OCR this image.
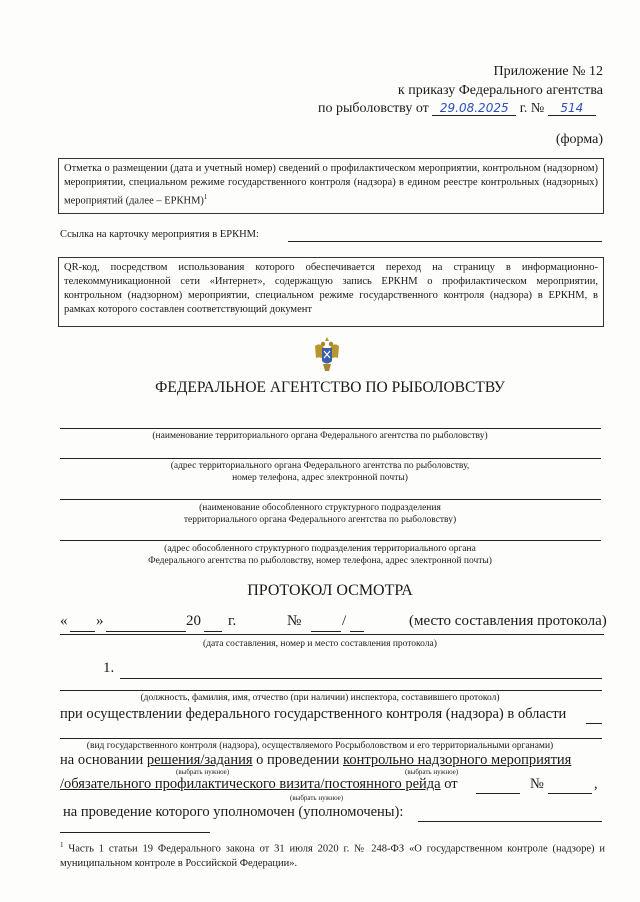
Приложение № 12
к приказу Федерального агентства
по рыболовству от 29.08.2025 г. № 514
(форма)
Отметка о размещении (дата и учетный номер) сведений о профилактическом мероприятии, контрольном (надзорном) мероприятии, специальном режиме государственного контроля (надзора) в едином реестре контрольных (надзорных) мероприятий (далее – ЕРКНМ)$^1$
Ссылка на карточку мероприятия в ЕРКНМ:
QR-код, посредством использования которого обеспечивается переход на страницу в информационно-телекоммуникационной сети «Интернет», содержащую запись ЕРКНМ о профилактическом мероприятии, контрольном (надзорном) мероприятии, специальном режиме государственного контроля (надзора) в ЕРКНМ, в рамках которого составлен соответствующий документ
ФЕДЕРАЛЬНОЕ АГЕНТСТВО ПО РЫБОЛОВСТВУ
(наименование территориального органа Федерального агентства по рыболовству)
(адрес территориального органа Федерального агентства по рыболовству,
номер телефона, адрес электронной почты)
(наименование обособленного структурного подразделения
территориального органа Федерального агентства по рыболовству)
(адрес обособленного структурного подразделения территориального органа
Федерального агентства по рыболовству, номер телефона, адрес электронной почты)
ПРОТОКОЛ ОСМОТРА
« »	20 г.	№	/	(место составления протокола)
(дата составления, номер и место составления протокола)
1.
(должность, фамилия, имя, отчество (при наличии) инспектора, составившего протокол)
при осуществлении федерального государственного контроля (надзора) в области
(вид государственного контроля (надзора), осуществляемого Росрыболовством и его территориальными органами)
на основании решения/задания о проведении контрольно надзорного мероприятия
(выбрать нужное)	(выбрать нужное)
/обязательного профилактического визита/постоянного рейда от	№	,
(выбрать нужное)
на проведение которого уполномочен (уполномочены):
$^1$ Часть 1 статьи 19 Федерального закона от 31 июля 2020 г. № 248-ФЗ «О государственном контроле (надзоре) и муниципальном контроле в Российской Федерации».
